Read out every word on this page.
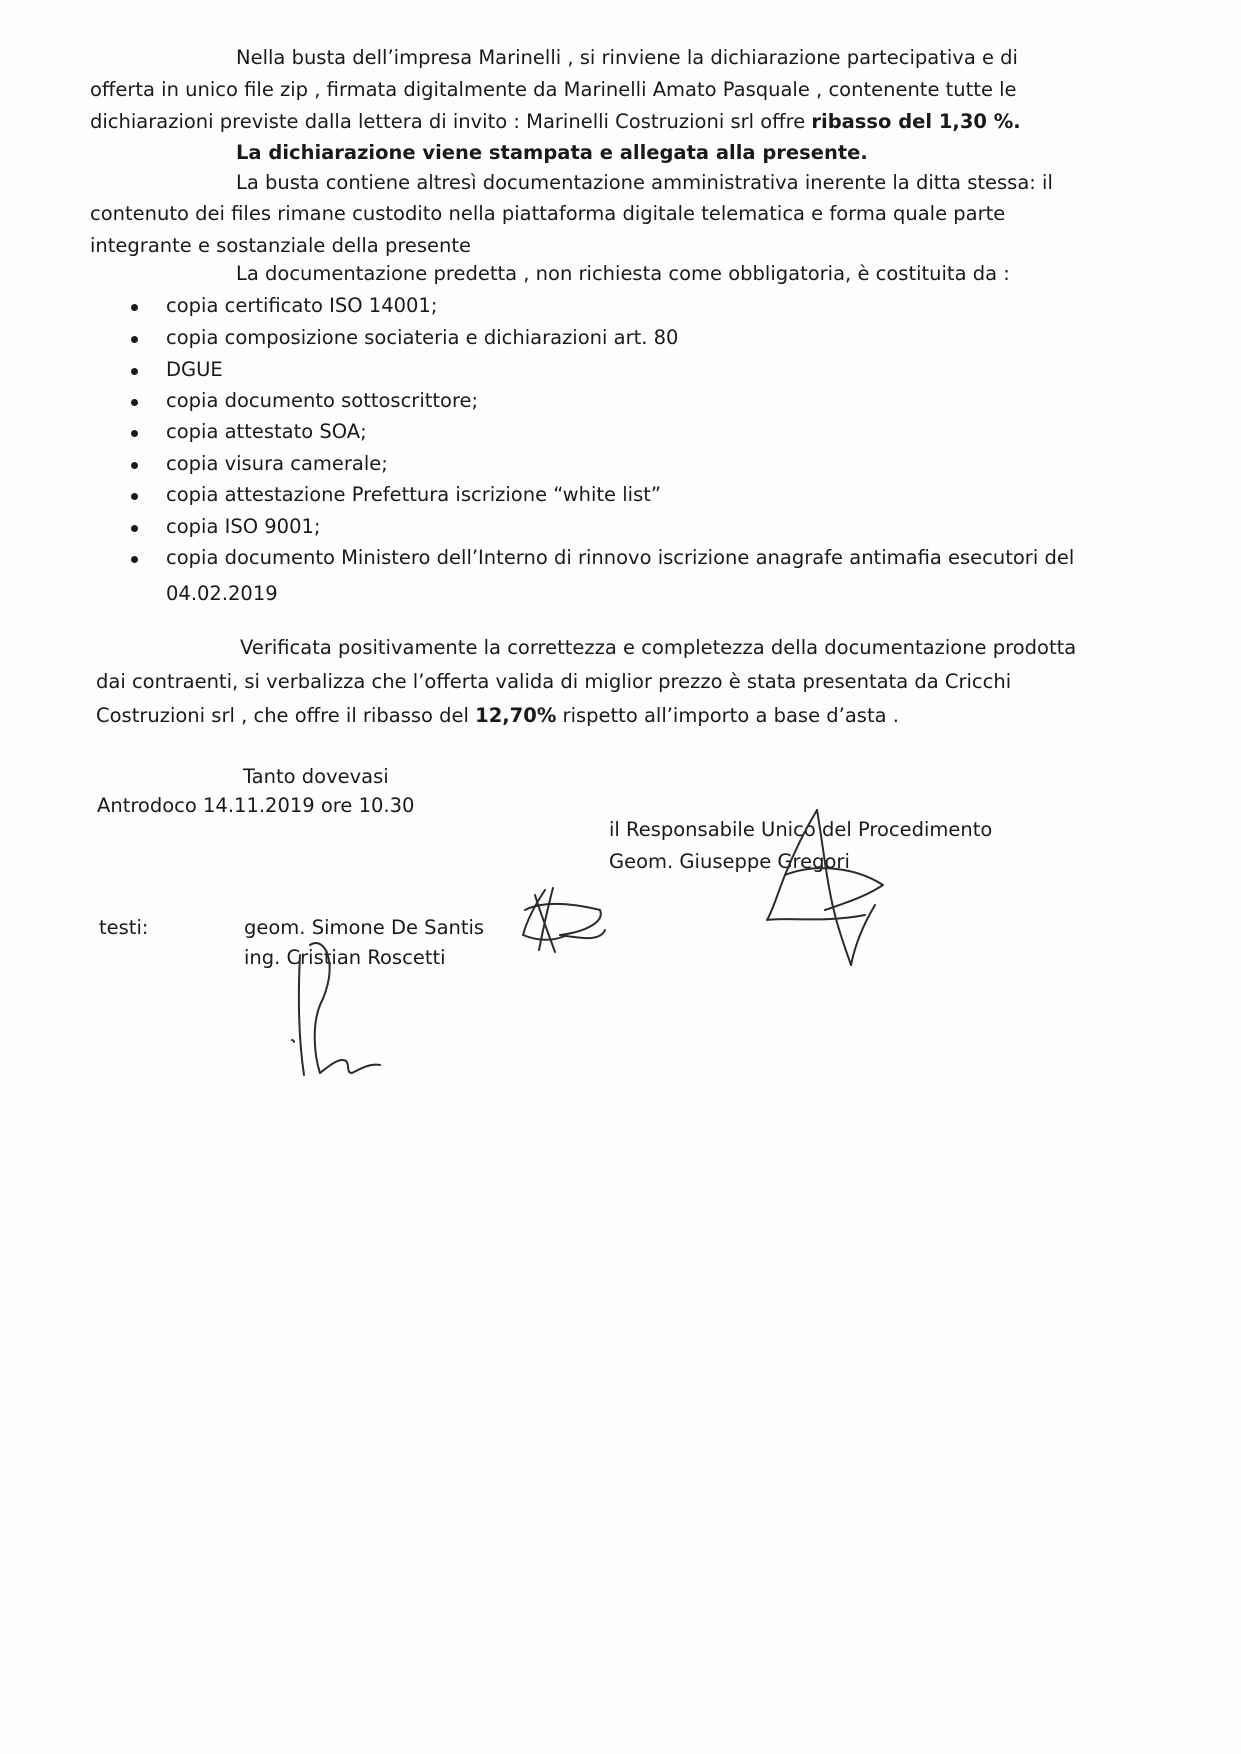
Nella busta dell’impresa Marinelli , si rinviene la dichiarazione partecipativa e di
offerta in unico file zip , firmata digitalmente da Marinelli Amato Pasquale , contenente tutte le
dichiarazioni previste dalla lettera di invito : Marinelli Costruzioni srl offre ribasso del 1,30 %.
La dichiarazione viene stampata e allegata alla presente.
La busta contiene altresì documentazione amministrativa inerente la ditta stessa: il
contenuto dei files rimane custodito nella piattaforma digitale telematica e forma quale parte
integrante e sostanziale della presente
La documentazione predetta , non richiesta come obbligatoria, è costituita da :
copia certificato ISO 14001;
copia composizione sociateria e dichiarazioni art. 80
DGUE
copia documento sottoscrittore;
copia attestato SOA;
copia visura camerale;
copia attestazione Prefettura iscrizione “white list”
copia ISO 9001;
copia documento Ministero dell’Interno di rinnovo iscrizione anagrafe antimafia esecutori del
04.02.2019
Verificata positivamente la correttezza e completezza della documentazione prodotta
dai contraenti, si verbalizza che l’offerta valida di miglior prezzo è stata presentata da Cricchi
Costruzioni srl , che offre il ribasso del 12,70% rispetto all’importo a base d’asta .
Tanto dovevasi
Antrodoco 14.11.2019 ore 10.30
il Responsabile Unico del Procedimento
Geom. Giuseppe Gregori
testi:	geom. Simone De Santis
ing. Cristian Roscetti
